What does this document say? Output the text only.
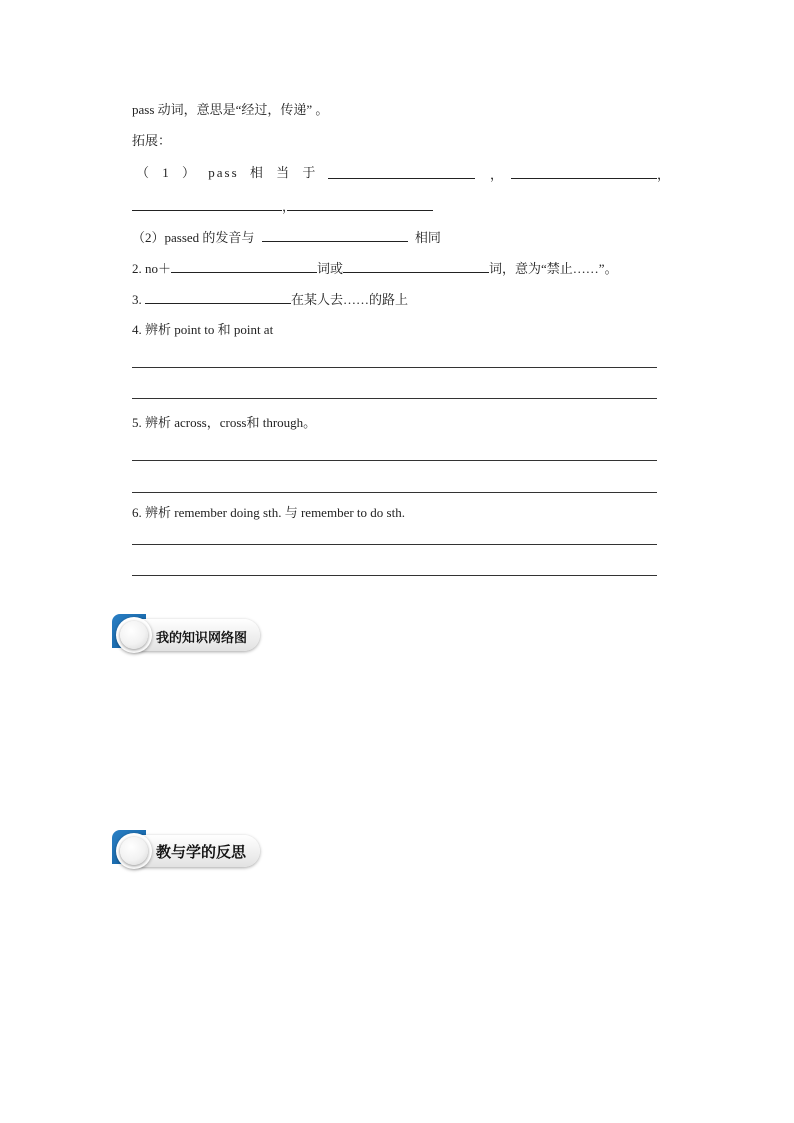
pass 动词，意思是“经过，传递” 。
拓展：
（ 1 ） pass 相 当 于	，	，
，
（2）passed 的发音与	相同
2. no＋	词或	词，意为“禁止……”。
3.	在某人去……的路上
4. 辨析 point to 和 point at
5. 辨析 across，cross和 through。
6. 辨析 remember doing sth. 与 remember to do sth.
我的知识网络图
教与学的反思
